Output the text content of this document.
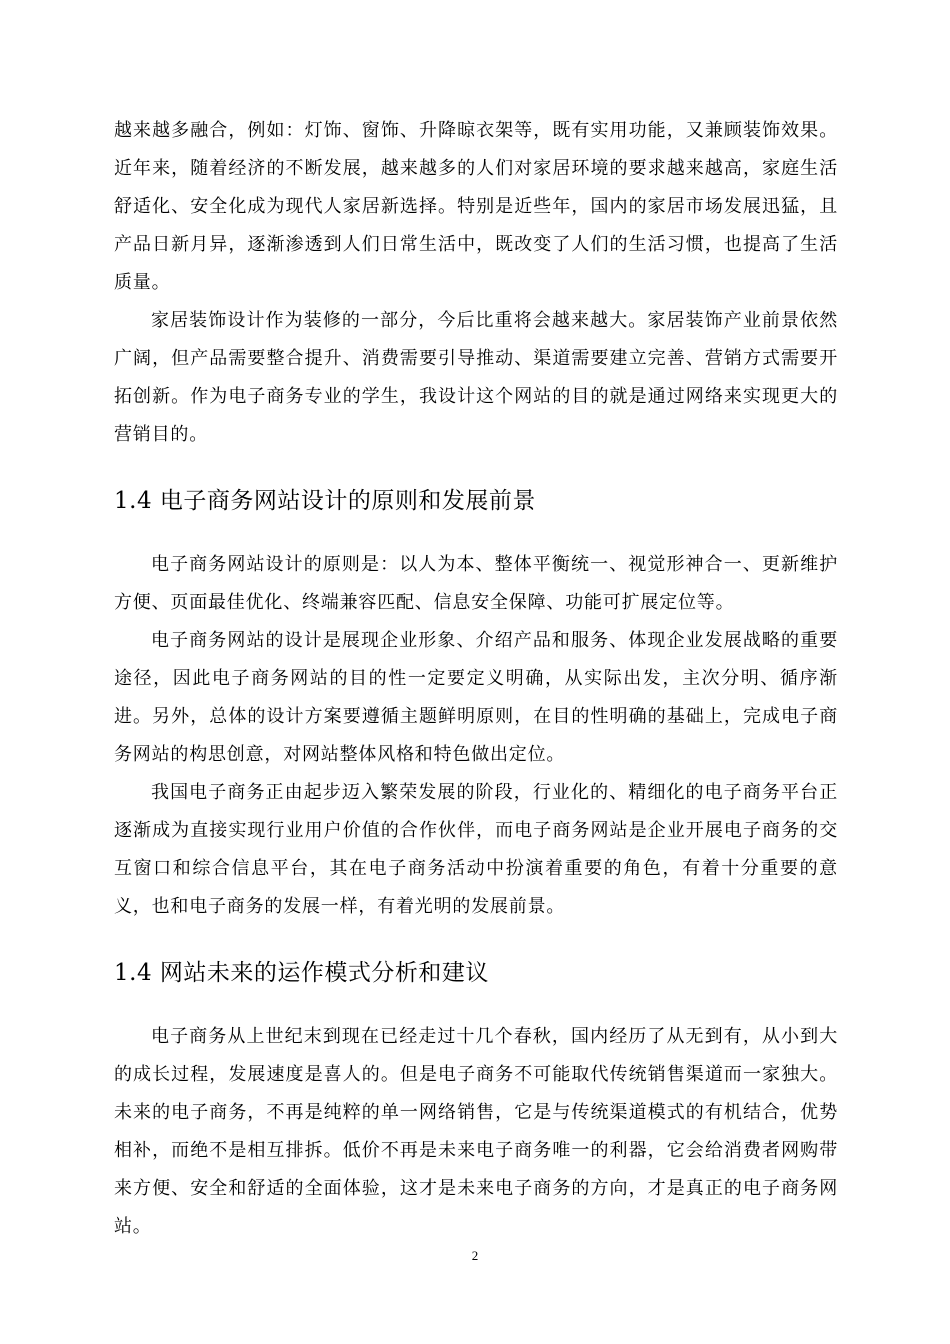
越来越多融合，例如：灯饰、窗饰、升降晾衣架等，既有实用功能，又兼顾装饰效果。近年来，随着经济的不断发展，越来越多的人们对家居环境的要求越来越高，家庭生活舒适化、安全化成为现代人家居新选择。特别是近些年，国内的家居市场发展迅猛，且产品日新月异，逐渐渗透到人们日常生活中，既改变了人们的生活习惯，也提高了生活质量。

家居装饰设计作为装修的一部分，今后比重将会越来越大。家居装饰产业前景依然广阔，但产品需要整合提升、消费需要引导推动、渠道需要建立完善、营销方式需要开拓创新。作为电子商务专业的学生，我设计这个网站的目的就是通过网络来实现更大的营销目的。

1.4 电子商务网站设计的原则和发展前景

电子商务网站设计的原则是：以人为本、整体平衡统一、视觉形神合一、更新维护方便、页面最佳优化、终端兼容匹配、信息安全保障、功能可扩展定位等。

电子商务网站的设计是展现企业形象、介绍产品和服务、体现企业发展战略的重要途径，因此电子商务网站的目的性一定要定义明确，从实际出发，主次分明、循序渐进。另外，总体的设计方案要遵循主题鲜明原则，在目的性明确的基础上，完成电子商务网站的构思创意，对网站整体风格和特色做出定位。

我国电子商务正由起步迈入繁荣发展的阶段，行业化的、精细化的电子商务平台正逐渐成为直接实现行业用户价值的合作伙伴，而电子商务网站是企业开展电子商务的交互窗口和综合信息平台，其在电子商务活动中扮演着重要的角色，有着十分重要的意义，也和电子商务的发展一样，有着光明的发展前景。

1.4 网站未来的运作模式分析和建议

电子商务从上世纪末到现在已经走过十几个春秋，国内经历了从无到有，从小到大的成长过程，发展速度是喜人的。但是电子商务不可能取代传统销售渠道而一家独大。未来的电子商务，不再是纯粹的单一网络销售，它是与传统渠道模式的有机结合，优势相补，而绝不是相互排拆。低价不再是未来电子商务唯一的利器，它会给消费者网购带来方便、安全和舒适的全面体验，这才是未来电子商务的方向，才是真正的电子商务网站。

2
